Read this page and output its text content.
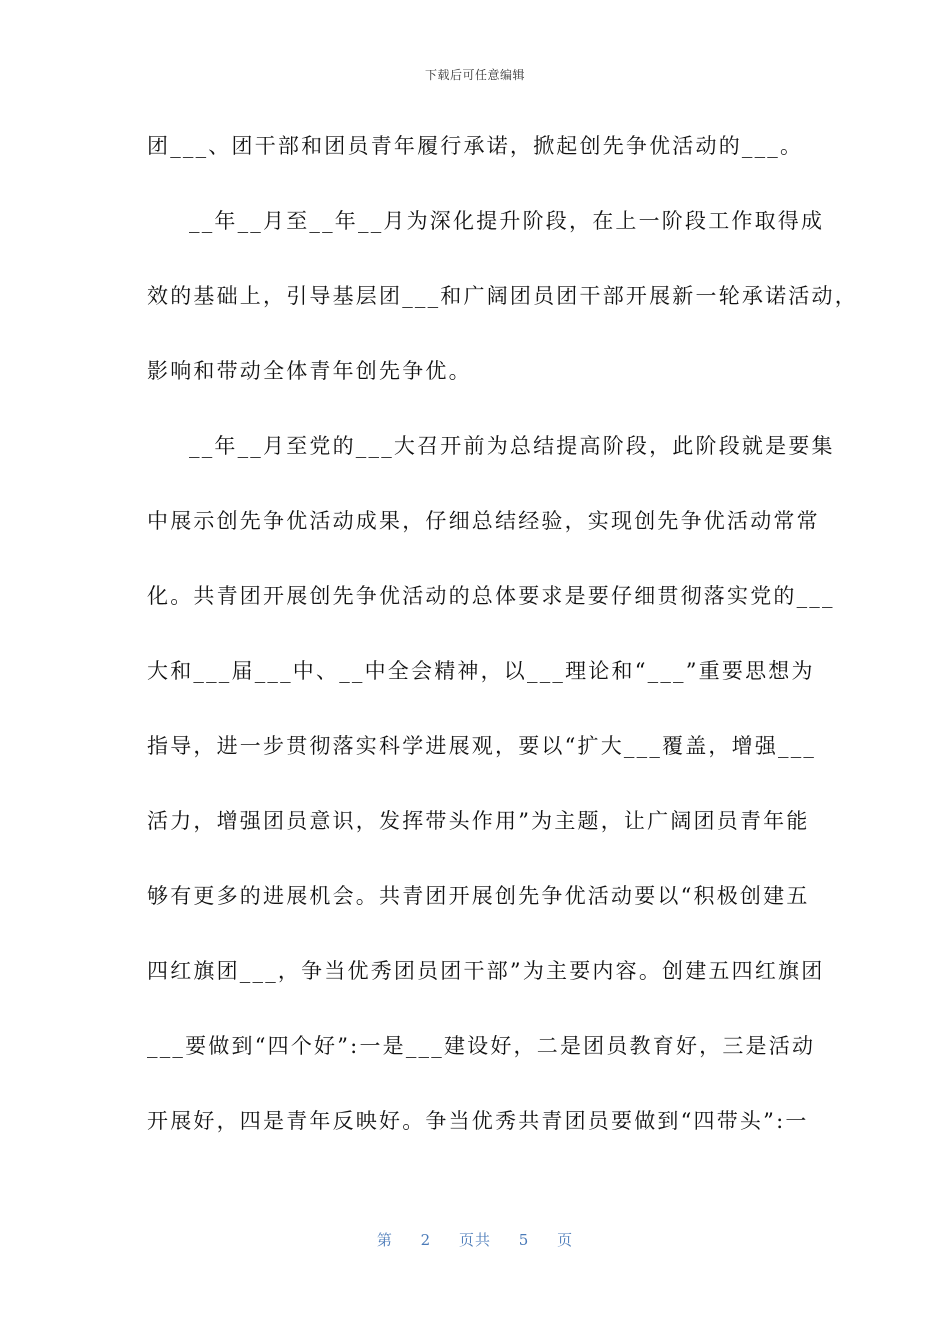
下载后可任意编辑
团___、团干部和团员青年履行承诺，掀起创先争优活动的___。
__年__月至__年__月为深化提升阶段，在上一阶段工作取得成
效的基础上，引导基层团___和广阔团员团干部开展新一轮承诺活动，
影响和带动全体青年创先争优。
__年__月至党的___大召开前为总结提高阶段，此阶段就是要集
中展示创先争优活动成果，仔细总结经验，实现创先争优活动常常
化。共青团开展创先争优活动的总体要求是要仔细贯彻落实党的___
大和___届___中、__中全会精神，以___理论和“___”重要思想为
指导，进一步贯彻落实科学进展观，要以“扩大___覆盖，增强___
活力，增强团员意识，发挥带头作用”为主题，让广阔团员青年能
够有更多的进展机会。共青团开展创先争优活动要以“积极创建五
四红旗团___，争当优秀团员团干部”为主要内容。创建五四红旗团
___要做到“四个好”:一是___建设好，二是团员教育好，三是活动
开展好，四是青年反映好。争当优秀共青团员要做到“四带头”:一
第 2 页共 5 页
